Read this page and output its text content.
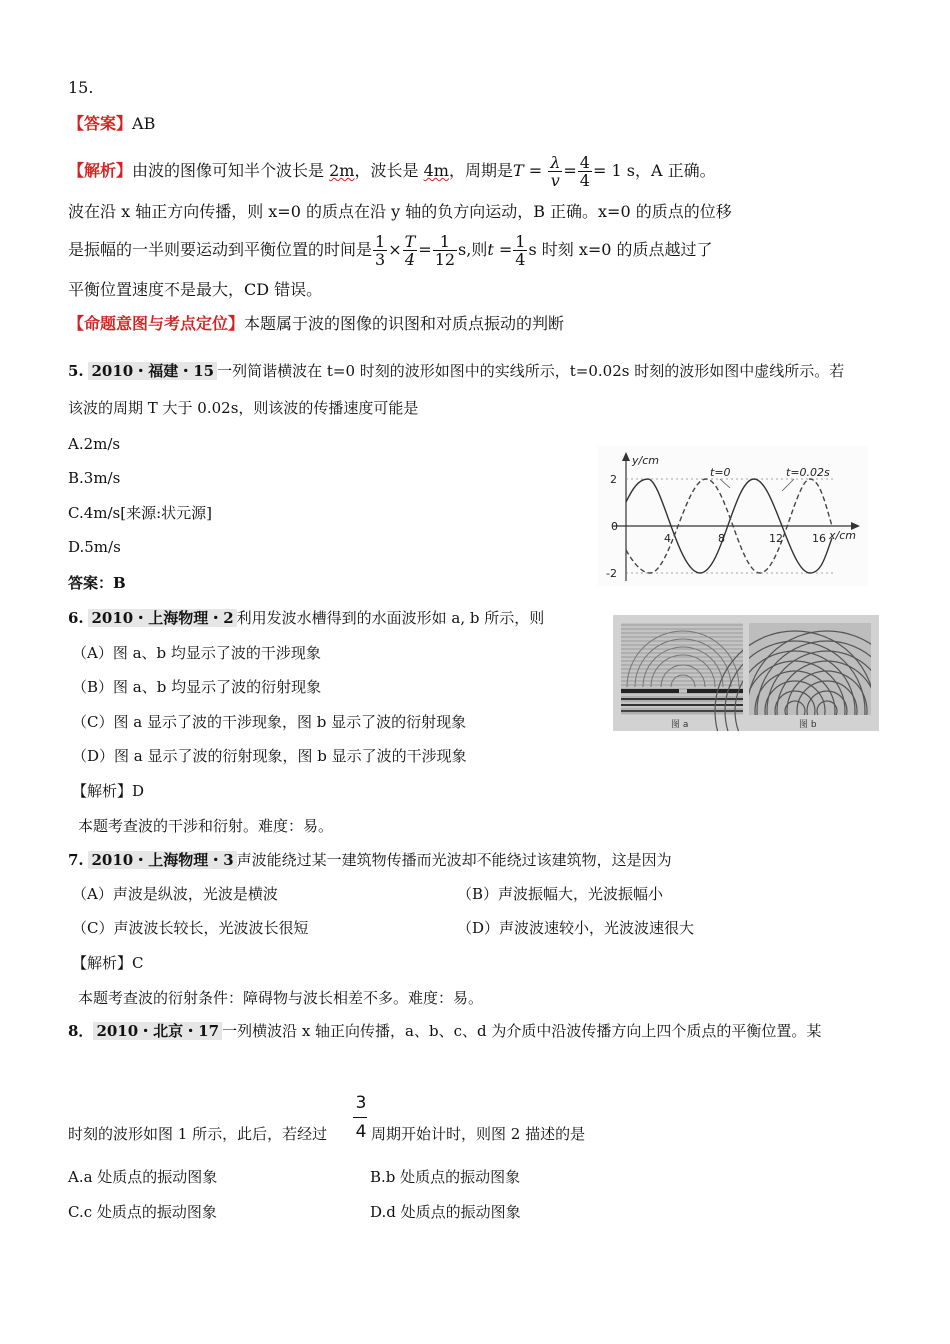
15.
【答案】AB
【解析】由波的图像可知半个波长是 2m，波长是 4m，周期是$T = \frac{\lambda}{v} = \frac{4}{4} = 1$ s，A 正确。
波在沿 x 轴正方向传播，则 x=0 的质点在沿 y 轴的负方向运动，B 正确。x=0 的质点的位移
是振幅的一半则要运动到平衡位置的时间是 $\frac{1}{3} \times \frac{T}{4} = \frac{1}{12} s$,则$t = \frac{1}{4}$ s 时刻 x=0 的质点越过了
平衡位置速度不是最大，CD 错误。
【命题意图与考点定位】本题属于波的图像的识图和对质点振动的判断
5. 2010・福建・15 一列简谐横波在 t=0 时刻的波形如图中的实线所示，t=0.02s 时刻的波形如图中虚线所示。若
该波的周期 T 大于 0.02s，则该波的传播速度可能是
A.2m/s
B.3m/s
C.4m/s[来源:状元源]
D.5m/s
答案：B
y/cm
x/cm
2
0
-2
4	8	12	16
t=0	t=0.02s
6. 2010・上海物理・2 利用发波水槽得到的水面波形如 a, b 所示，则
（A）图 a、b 均显示了波的干涉现象
（B）图 a、b 均显示了波的衍射现象
（C）图 a 显示了波的干涉现象，图 b 显示了波的衍射现象
（D）图 a 显示了波的衍射现象，图 b 显示了波的干涉现象
【解析】D
本题考查波的干涉和衍射。难度：易。
图 a	图 b
7. 2010・上海物理・3 声波能绕过某一建筑物传播而光波却不能绕过该建筑物，这是因为
（A）声波是纵波，光波是横波	（B）声波振幅大，光波振幅小
（C）声波波长较长，光波波长很短	（D）声波波速较小，光波波速很大
【解析】C
本题考查波的衍射条件：障碍物与波长相差不多。难度：易。
8． 2010・北京・17 一列横波沿 x 轴正向传播，a、b、c、d 为介质中沿波传播方向上四个质点的平衡位置。某
3
4
时刻的波形如图 1 所示，此后，若经过	周期开始计时，则图 2 描述的是
A.a 处质点的振动图象	B.b 处质点的振动图象
C.c 处质点的振动图象	D.d 处质点的振动图象
